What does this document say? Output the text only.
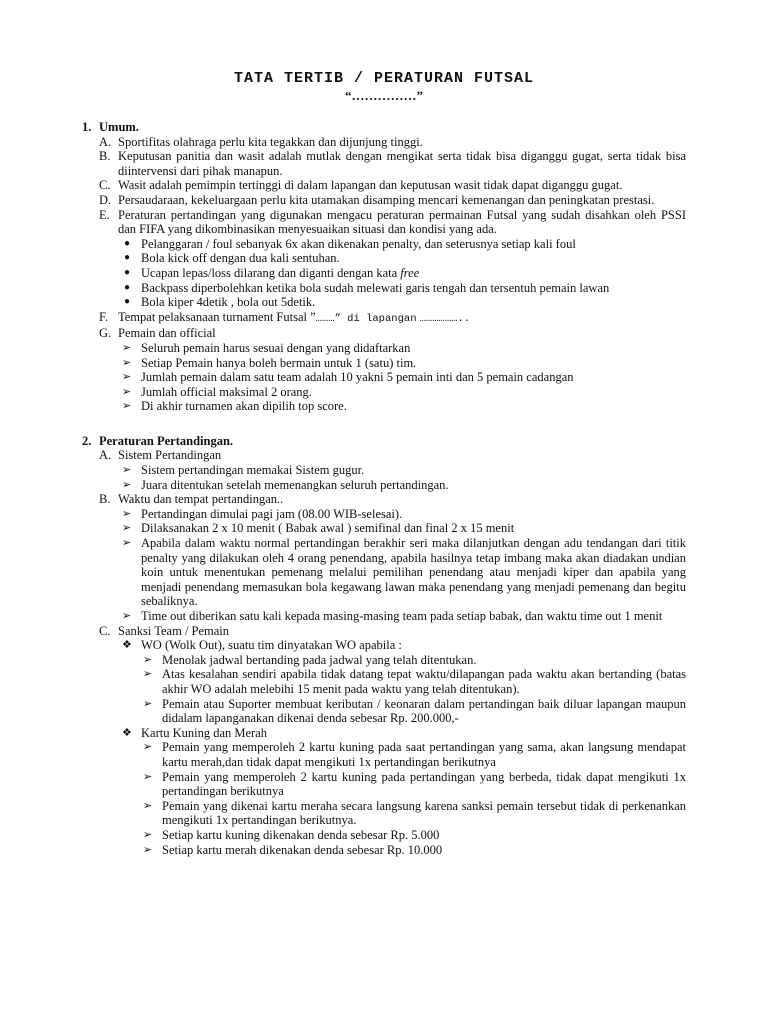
TATA TERTIB / PERATURAN FUTSAL
“……………”
1. Umum.
A. Sportifitas olahraga perlu kita tegakkan dan dijunjung tinggi.
B. Keputusan panitia dan wasit adalah mutlak dengan mengikat serta tidak bisa diganggu gugat, serta tidak bisa diintervensi dari pihak manapun.
C. Wasit adalah pemimpin tertinggi di dalam lapangan dan keputusan wasit tidak dapat diganggu gugat.
D. Persaudaraan, kekeluargaan perlu kita utamakan disamping mencari kemenangan dan peningkatan prestasi.
E. Peraturan pertandingan yang digunakan mengacu peraturan permainan Futsal yang sudah disahkan oleh PSSI dan FIFA yang dikombinasikan menyesuaikan situasi dan kondisi yang ada.
● Pelanggaran / foul sebanyak 6x akan dikenakan penalty, dan seterusnya setiap kali foul
● Bola kick off dengan dua kali sentuhan.
● Ucapan lepas/loss dilarang dan diganti dengan kata free
● Backpass diperbolehkan ketika bola sudah melewati garis tengah dan tersentuh pemain lawan
● Bola kiper 4detik , bola out 5detik.
F. Tempat pelaksanaan turnament Futsal ”………” di lapangan ………………..
G. Pemain dan official
➢ Seluruh pemain harus sesuai dengan yang didaftarkan
➢ Setiap Pemain hanya boleh bermain untuk 1 (satu) tim.
➢ Jumlah pemain dalam satu team adalah 10 yakni 5 pemain inti dan 5 pemain cadangan
➢ Jumlah official maksimal 2 orang.
➢ Di akhir turnamen akan dipilih top score.
2. Peraturan Pertandingan.
A. Sistem Pertandingan
➢ Sistem pertandingan memakai Sistem gugur.
➢ Juara ditentukan setelah memenangkan seluruh pertandingan.
B. Waktu dan tempat pertandingan..
➢ Pertandingan dimulai pagi jam (08.00 WIB-selesai).
➢ Dilaksanakan 2 x 10 menit ( Babak awal ) semifinal dan final 2 x 15 menit
➢ Apabila dalam waktu normal pertandingan berakhir seri maka dilanjutkan dengan adu tendangan dari titik penalty yang dilakukan oleh 4 orang penendang, apabila hasilnya tetap imbang maka akan diadakan undian koin untuk menentukan pemenang melalui pemilihan penendang atau menjadi kiper dan apabila yang menjadi penendang memasukan bola kegawang lawan maka penendang yang menjadi pemenang dan begitu sebaliknya.
➢ Time out diberikan satu kali kepada masing-masing team pada setiap babak, dan waktu time out 1 menit
C. Sanksi Team / Pemain
❖ WO (Wolk Out), suatu tim dinyatakan WO apabila :
➢ Menolak jadwal bertanding pada jadwal yang telah ditentukan.
➢ Atas kesalahan sendiri apabila tidak datang tepat waktu/dilapangan pada waktu akan bertanding (batas akhir WO adalah melebihi 15 menit pada waktu yang telah ditentukan).
➢ Pemain atau Suporter membuat keributan / keonaran dalam pertandingan baik diluar lapangan maupun didalam lapanganakan dikenai denda sebesar Rp. 200.000,-
❖ Kartu Kuning dan Merah
➢ Pemain yang memperoleh 2 kartu kuning pada saat pertandingan yang sama, akan langsung mendapat kartu merah,dan tidak dapat mengikuti 1x pertandingan berikutnya
➢ Pemain yang memperoleh 2 kartu kuning pada pertandingan yang berbeda, tidak dapat mengikuti 1x pertandingan berikutnya
➢ Pemain yang dikenai kartu meraha secara langsung karena sanksi pemain tersebut tidak di perkenankan mengikuti 1x pertandingan berikutnya.
➢ Setiap kartu kuning dikenakan denda sebesar Rp. 5.000
➢ Setiap kartu merah dikenakan denda sebesar Rp. 10.000
